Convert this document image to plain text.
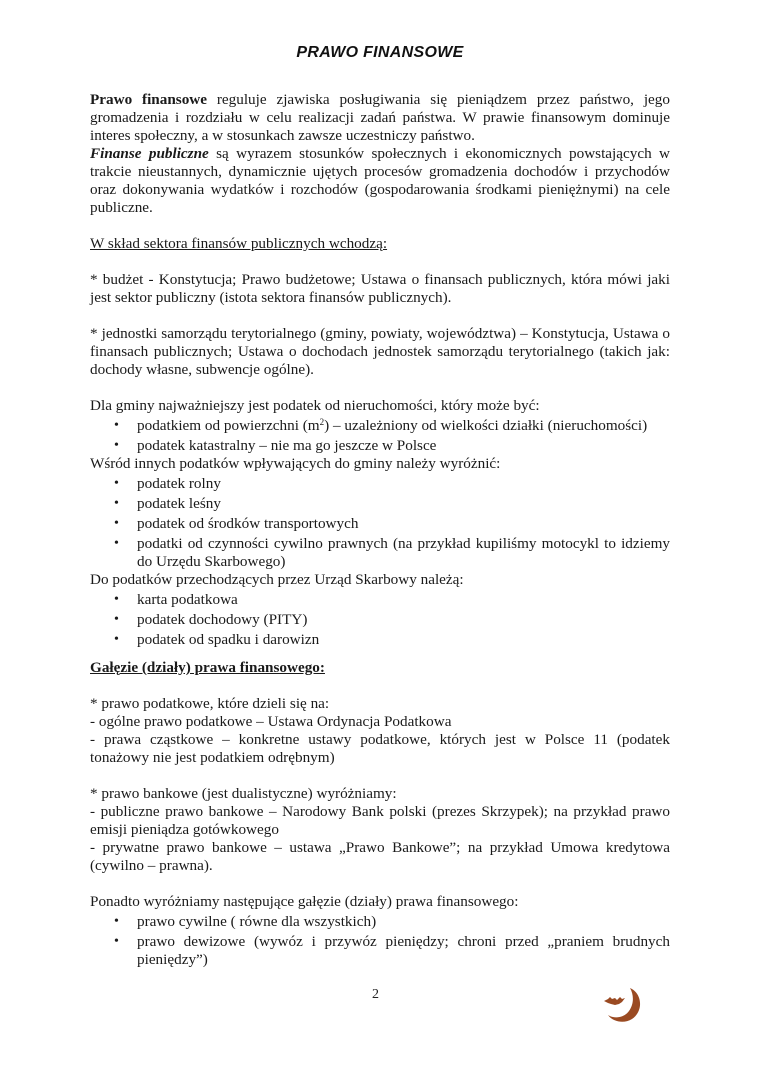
PRAWO FINANSOWE

Prawo finansowe reguluje zjawiska posługiwania się pieniądzem przez państwo, jego gromadzenia i rozdziału w celu realizacji zadań państwa. W prawie finansowym dominuje interes społeczny, a w stosunkach zawsze uczestniczy państwo.

Finanse publiczne są wyrazem stosunków społecznych i ekonomicznych powstających w trakcie nieustannych, dynamicznie ujętych procesów gromadzenia dochodów i przychodów oraz dokonywania wydatków i rozchodów (gospodarowania środkami pieniężnymi) na cele publiczne.

W skład sektora finansów publicznych wchodzą:

* budżet - Konstytucja; Prawo budżetowe; Ustawa o finansach publicznych, która mówi jaki jest sektor publiczny (istota sektora finansów publicznych).

* jednostki samorządu terytorialnego (gminy, powiaty, województwa) – Konstytucja, Ustawa o finansach publicznych; Ustawa o dochodach jednostek samorządu terytorialnego (takich jak: dochody własne, subwencje ogólne).

Dla gminy najważniejszy jest podatek od nieruchomości, który może być:

• podatkiem od powierzchni $(m^2)$ – uzależniony od wielkości działki (nieruchomości)
• podatek katastralny – nie ma go jeszcze w Polsce

Wśród innych podatków wpływających do gminy należy wyróżnić:

• podatek rolny
• podatek leśny
• podatek od środków transportowych
• podatki od czynności cywilno prawnych (na przykład kupiliśmy motocykl to idziemy do Urzędu Skarbowego)

Do podatków przechodzących przez Urząd Skarbowy należą:

• karta podatkowa
• podatek dochodowy (PITY)
• podatek od spadku i darowizn

Gałęzie (działy) prawa finansowego:

* prawo podatkowe, które dzieli się na:

- ogólne prawo podatkowe – Ustawa Ordynacja Podatkowa

- prawa cząstkowe – konkretne ustawy podatkowe, których jest w Polsce 11 (podatek tonażowy nie jest podatkiem odrębnym)

* prawo bankowe (jest dualistyczne) wyróżniamy:

- publiczne prawo bankowe – Narodowy Bank polski (prezes Skrzypek); na przykład prawo emisji pieniądza gotówkowego

- prywatne prawo bankowe – ustawa „Prawo Bankowe”; na przykład Umowa kredytowa (cywilno – prawna).

Ponadto wyróżniamy następujące gałęzie (działy) prawa finansowego:

• prawo cywilne ( równe dla wszystkich)
• prawo dewizowe (wywóz i przywóz pieniędzy; chroni przed „praniem brudnych pieniędzy”)
2
